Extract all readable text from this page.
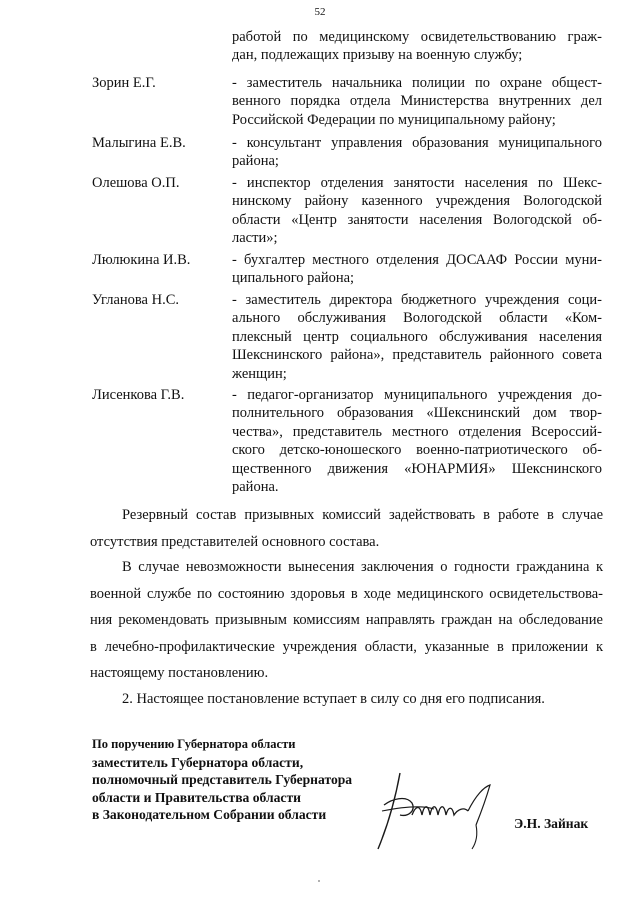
52
работой по медицинскому освидетельствованию граж-
дан, подлежащих призыву на военную службу;
Зорин Е.Г.	- заместитель начальника полиции по охране общест-
венного порядка отдела Министерства внутренних дел
Российской Федерации по муниципальному району;
Малыгина Е.В.	- консультант управления образования муниципального
района;
Олешова О.П.	- инспектор отделения занятости населения по Шекс-
нинскому району казенного учреждения Вологодской
области «Центр занятости населения Вологодской об-
ласти»;
Люлюкина И.В.	- бухгалтер местного отделения ДОСААФ России муни-
ципального района;
Угланова Н.С.	- заместитель директора бюджетного учреждения соци-
ального обслуживания Вологодской области «Ком-
плексный центр социального обслуживания населения
Шекснинского района», представитель районного совета
женщин;
Лисенкова Г.В.	- педагог-организатор муниципального учреждения до-
полнительного образования «Шекснинский дом твор-
чества», представитель местного отделения Всероссий-
ского детско-юношеского военно-патриотического об-
щественного движения «ЮНАРМИЯ» Шекснинского
района.
Резервный состав призывных комиссий задействовать в работе в случае
отсутствия представителей основного состава.
В случае невозможности вынесения заключения о годности гражданина к
военной службе по состоянию здоровья в ходе медицинского освидетельствова-
ния рекомендовать призывным комиссиям направлять граждан на обследование
в лечебно-профилактические учреждения области, указанные в приложении к
настоящему постановлению.
2. Настоящее постановление вступает в силу со дня его подписания.
По поручению Губернатора области
заместитель Губернатора области,
полномочный представитель Губернатора
области и Правительства области
в Законодательном Собрании области
Э.Н. Зайнак
